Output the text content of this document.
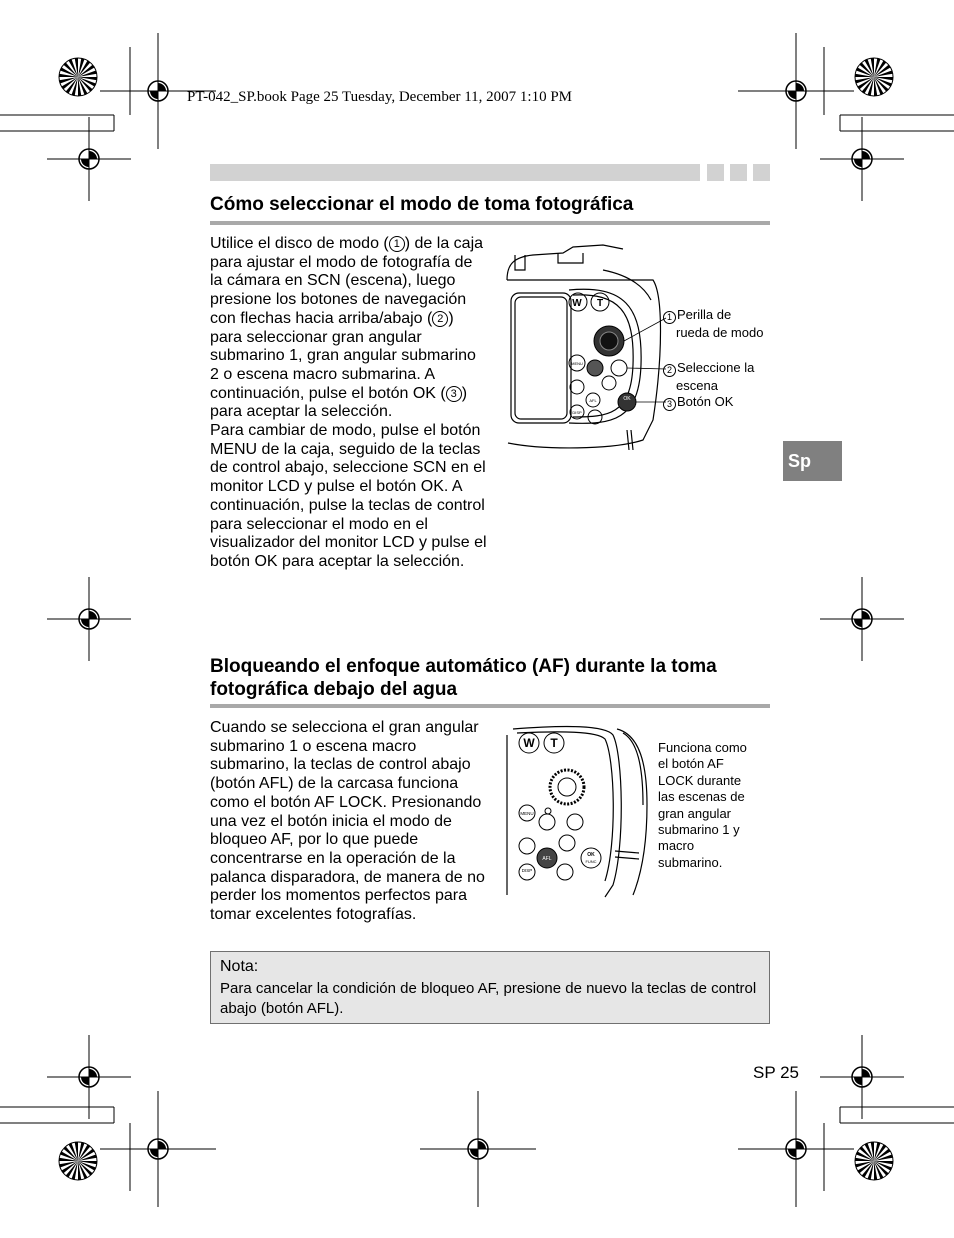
PT-042_SP.book Page 25 Tuesday, December 11, 2007 1:10 PM
Cómo seleccionar el modo de toma fotográfica

Utilice el disco de modo ( 1 ) de la caja para ajustar el modo de fotografía de la cámara en SCN (escena), luego presione los botones de navegación con flechas hacia arriba/abajo ( 2 ) para seleccionar gran angular submarino 1, gran angular submarino 2 o escena macro submarina. A continuación, pulse el botón OK ( 3 ) para aceptar la selección.

Para cambiar de modo, pulse el botón MENU de la caja, seguido de la teclas de control abajo, seleccione SCN en el monitor LCD y pulse el botón OK. A continuación, pulse la teclas de control para seleccionar el modo en el visualizador del monitor LCD y pulse el botón OK para aceptar la selección.

W T
MENU
AFL
DISP
OK
1 Perilla de
rueda de modo
2 Seleccione la
escena
3 Botón OK
Sp
Bloqueando el enfoque automático (AF) durante la toma
fotográfica debajo del agua

Cuando se selecciona el gran angular submarino 1 o escena macro submarino, la teclas de control abajo (botón AFL) de la carcasa funciona como el botón AF LOCK. Presionando una vez el botón inicia el modo de bloqueo AF, por lo que puede concentrarse en la operación de la palanca disparadora, de manera de no perder los momentos perfectos para tomar excelentes fotografías.

W T
MENU
AFL
DISP
OK
FUNC
Funciona como el botón AF LOCK durante las escenas de gran angular submarino 1 y macro submarino.
Nota:
Para cancelar la condición de bloqueo AF, presione de nuevo la teclas de control abajo (botón AFL).
SP 25
